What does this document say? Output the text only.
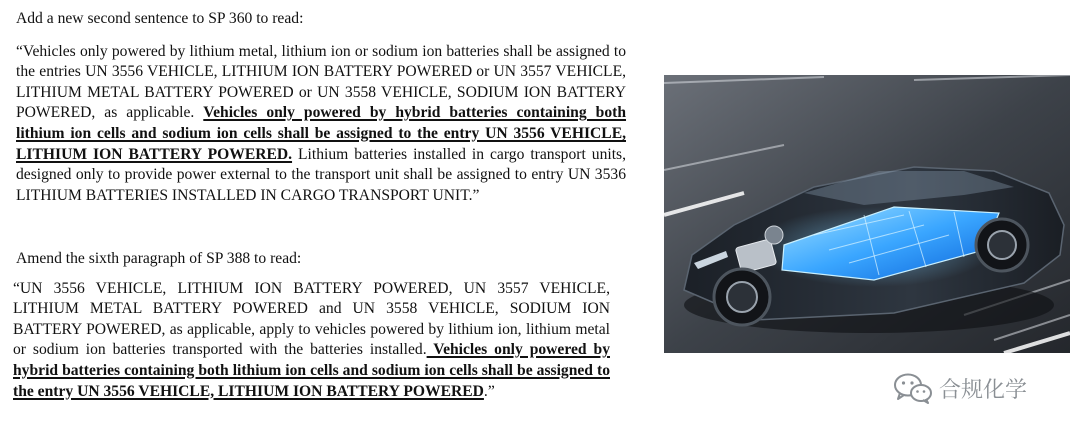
Add a new second sentence to SP 360 to read:

“Vehicles only powered by lithium metal, lithium ion or sodium ion batteries shall be assigned to the entries UN 3556 VEHICLE, LITHIUM ION BATTERY POWERED or UN 3557 VEHICLE, LITHIUM METAL BATTERY POWERED or UN 3558 VEHICLE, SODIUM ION BATTERY POWERED, as applicable. Vehicles only powered by hybrid batteries containing both lithium ion cells and sodium ion cells shall be assigned to the entry UN 3556 VEHICLE, LITHIUM ION BATTERY POWERED. Lithium batteries installed in cargo transport units, designed only to provide power external to the transport unit shall be assigned to entry UN 3536 LITHIUM BATTERIES INSTALLED IN CARGO TRANSPORT UNIT.”

Amend the sixth paragraph of SP 388 to read:

“UN 3556 VEHICLE, LITHIUM ION BATTERY POWERED, UN 3557 VEHICLE, LITHIUM METAL BATTERY POWERED and UN 3558 VEHICLE, SODIUM ION BATTERY POWERED, as applicable, apply to vehicles powered by lithium ion, lithium metal or sodium ion batteries transported with the batteries installed. Vehicles only powered by hybrid batteries containing both lithium ion cells and sodium ion cells shall be assigned to the entry UN 3556 VEHICLE, LITHIUM ION BATTERY POWERED.”	合规化学
